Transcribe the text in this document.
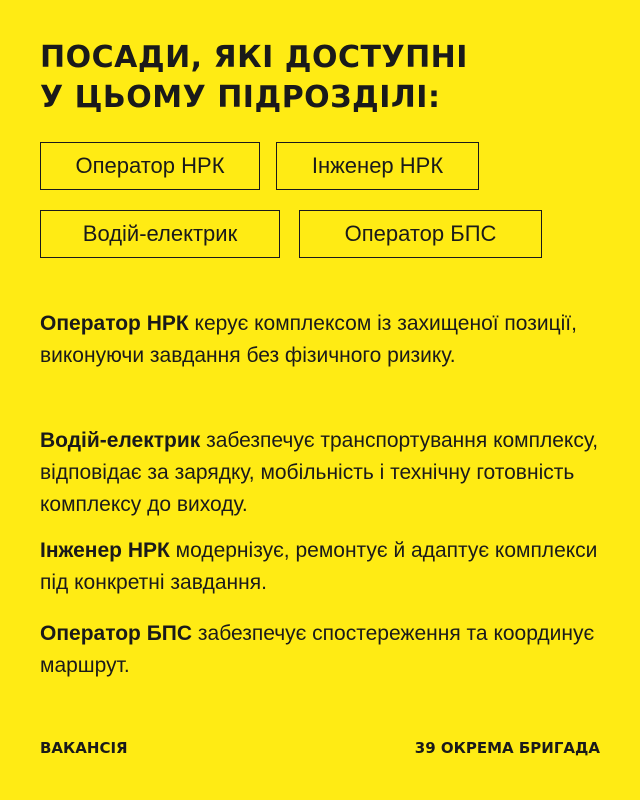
ПОСАДИ, ЯКІ ДОСТУПНІ
У ЦЬОМУ ПІДРОЗДІЛІ:
Оператор НРК	Інженер НРК
Водій-електрик	Оператор БПС

Оператор НРК керує комплексом із захищеної позиції, виконуючи завдання без фізичного ризику.

Водій-електрик забезпечує транспортування комплексу, відповідає за зарядку, мобільність і технічну готовність комплексу до виходу.

Інженер НРК модернізує, ремонтує й адаптує комплекси під конкретні завдання.

Оператор БПС забезпечує спостереження та координує маршрут.

ВАКАНСІЯ	39 ОКРЕМА БРИГАДА
